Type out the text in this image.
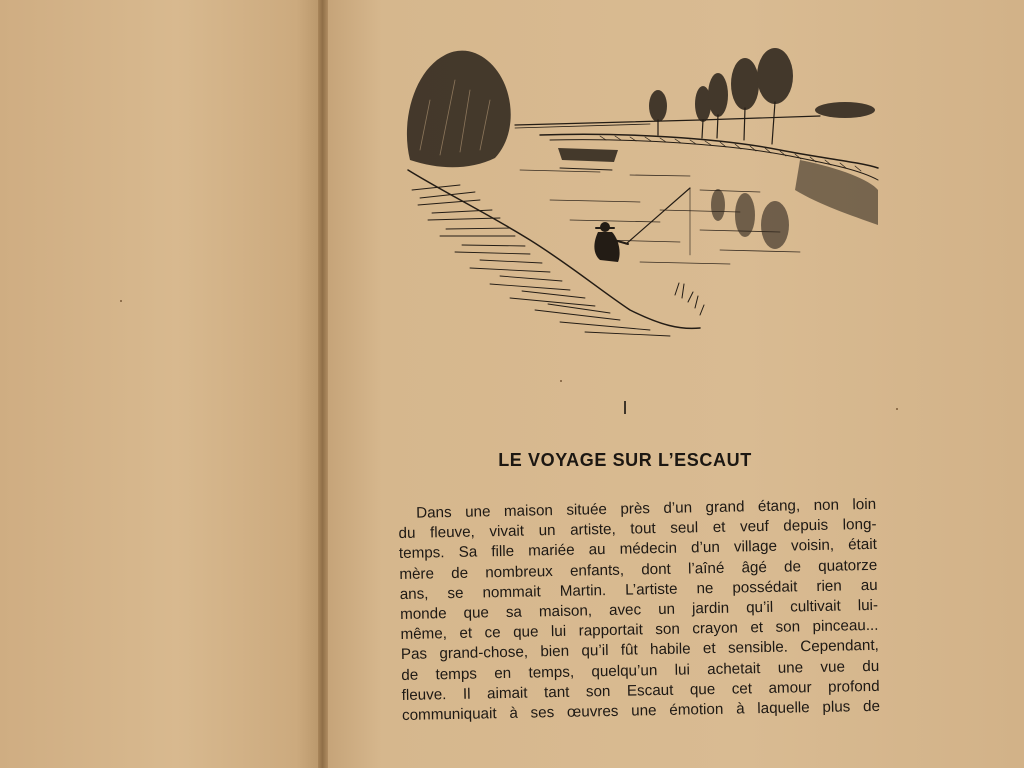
I
LE VOYAGE SUR L’ESCAUT
Dans une maison située près d’un grand étang, non loin
du fleuve, vivait un artiste, tout seul et veuf depuis long-
temps. Sa fille mariée au médecin d’un village voisin, était
mère de nombreux enfants, dont l’aîné âgé de quatorze
ans, se nommait Martin. L’artiste ne possédait rien au
monde que sa maison, avec un jardin qu’il cultivait lui-
même, et ce que lui rapportait son crayon et son pinceau...
Pas grand-chose, bien qu’il fût habile et sensible. Cependant,
de temps en temps, quelqu’un lui achetait une vue du
fleuve. Il aimait tant son Escaut que cet amour profond
communiquait à ses œuvres une émotion à laquelle plus de
